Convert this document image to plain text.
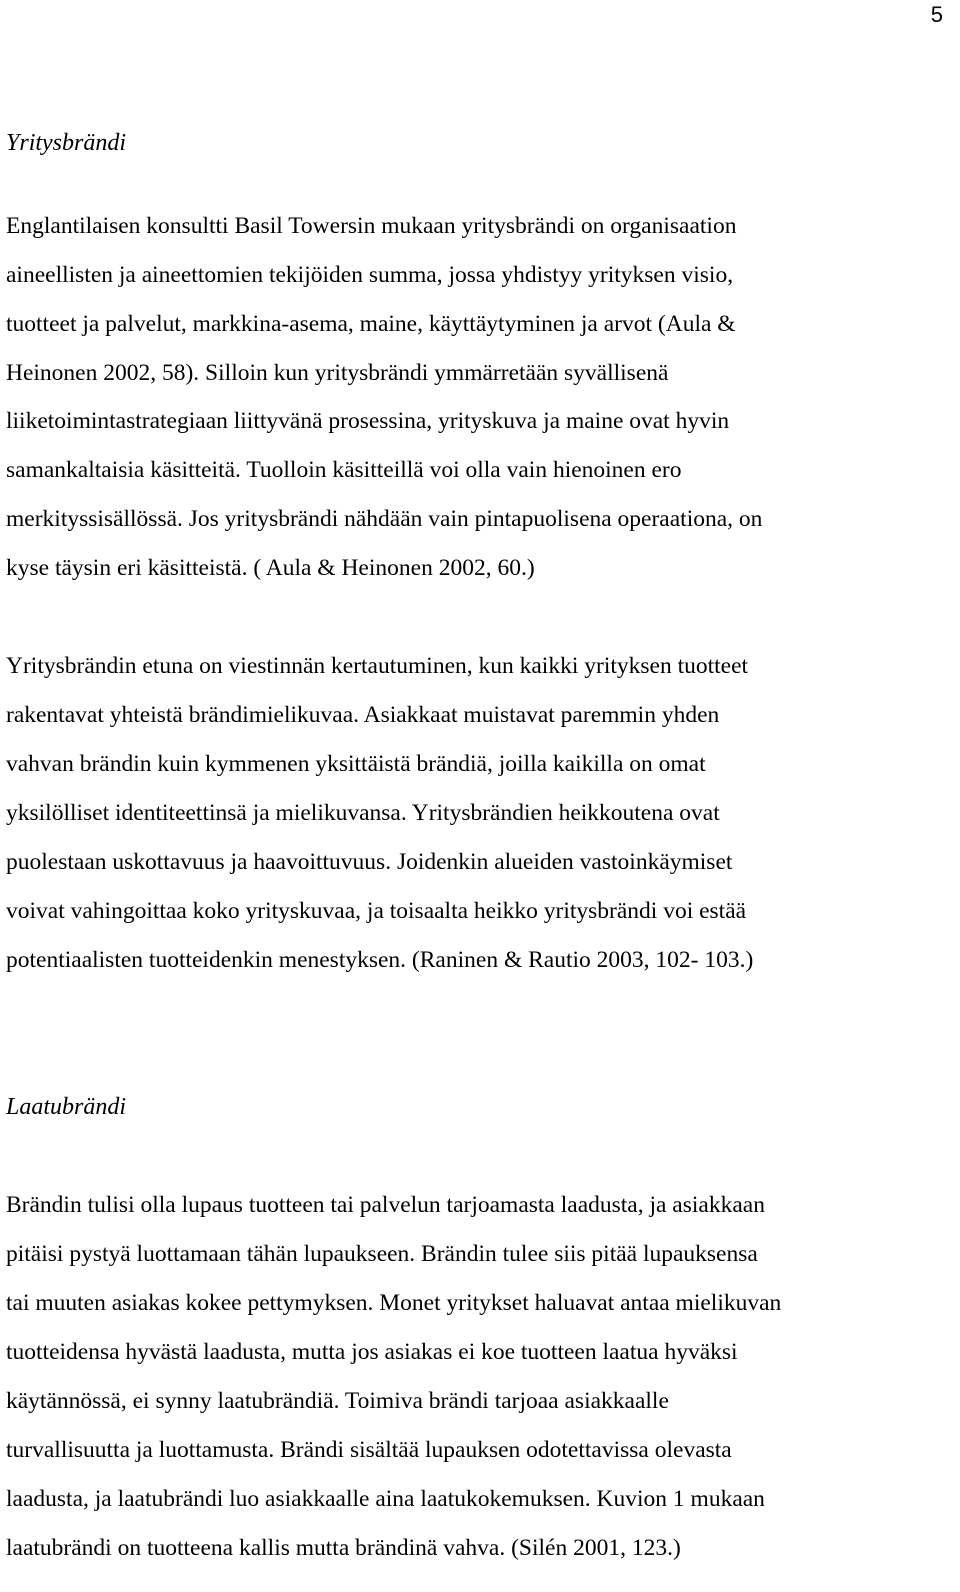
5
Yritysbrändi
Englantilaisen konsultti Basil Towersin mukaan yritysbrändi on organisaation
aineellisten ja aineettomien tekijöiden summa, jossa yhdistyy yrityksen visio,
tuotteet ja palvelut, markkina-asema, maine, käyttäytyminen ja arvot (Aula &
Heinonen 2002, 58). Silloin kun yritysbrändi ymmärretään syvällisenä
liiketoimintastrategiaan liittyvänä prosessina, yrityskuva ja maine ovat hyvin
samankaltaisia käsitteitä. Tuolloin käsitteillä voi olla vain hienoinen ero
merkityssisällössä. Jos yritysbrändi nähdään vain pintapuolisena operaationa, on
kyse täysin eri käsitteistä. ( Aula & Heinonen 2002, 60.)
Yritysbrändin etuna on viestinnän kertautuminen, kun kaikki yrityksen tuotteet
rakentavat yhteistä brändimielikuvaa. Asiakkaat muistavat paremmin yhden
vahvan brändin kuin kymmenen yksittäistä brändiä, joilla kaikilla on omat
yksilölliset identiteettinsä ja mielikuvansa. Yritysbrändien heikkoutena ovat
puolestaan uskottavuus ja haavoittuvuus. Joidenkin alueiden vastoinkäymiset
voivat vahingoittaa koko yrityskuvaa, ja toisaalta heikko yritysbrändi voi estää
potentiaalisten tuotteidenkin menestyksen. (Raninen & Rautio 2003, 102- 103.)
Laatubrändi
Brändin tulisi olla lupaus tuotteen tai palvelun tarjoamasta laadusta, ja asiakkaan
pitäisi pystyä luottamaan tähän lupaukseen. Brändin tulee siis pitää lupauksensa
tai muuten asiakas kokee pettymyksen. Monet yritykset haluavat antaa mielikuvan
tuotteidensa hyvästä laadusta, mutta jos asiakas ei koe tuotteen laatua hyväksi
käytännössä, ei synny laatubrändiä. Toimiva brändi tarjoaa asiakkaalle
turvallisuutta ja luottamusta. Brändi sisältää lupauksen odotettavissa olevasta
laadusta, ja laatubrändi luo asiakkaalle aina laatukokemuksen. Kuvion 1 mukaan
laatubrändi on tuotteena kallis mutta brändinä vahva. (Silén 2001, 123.)
